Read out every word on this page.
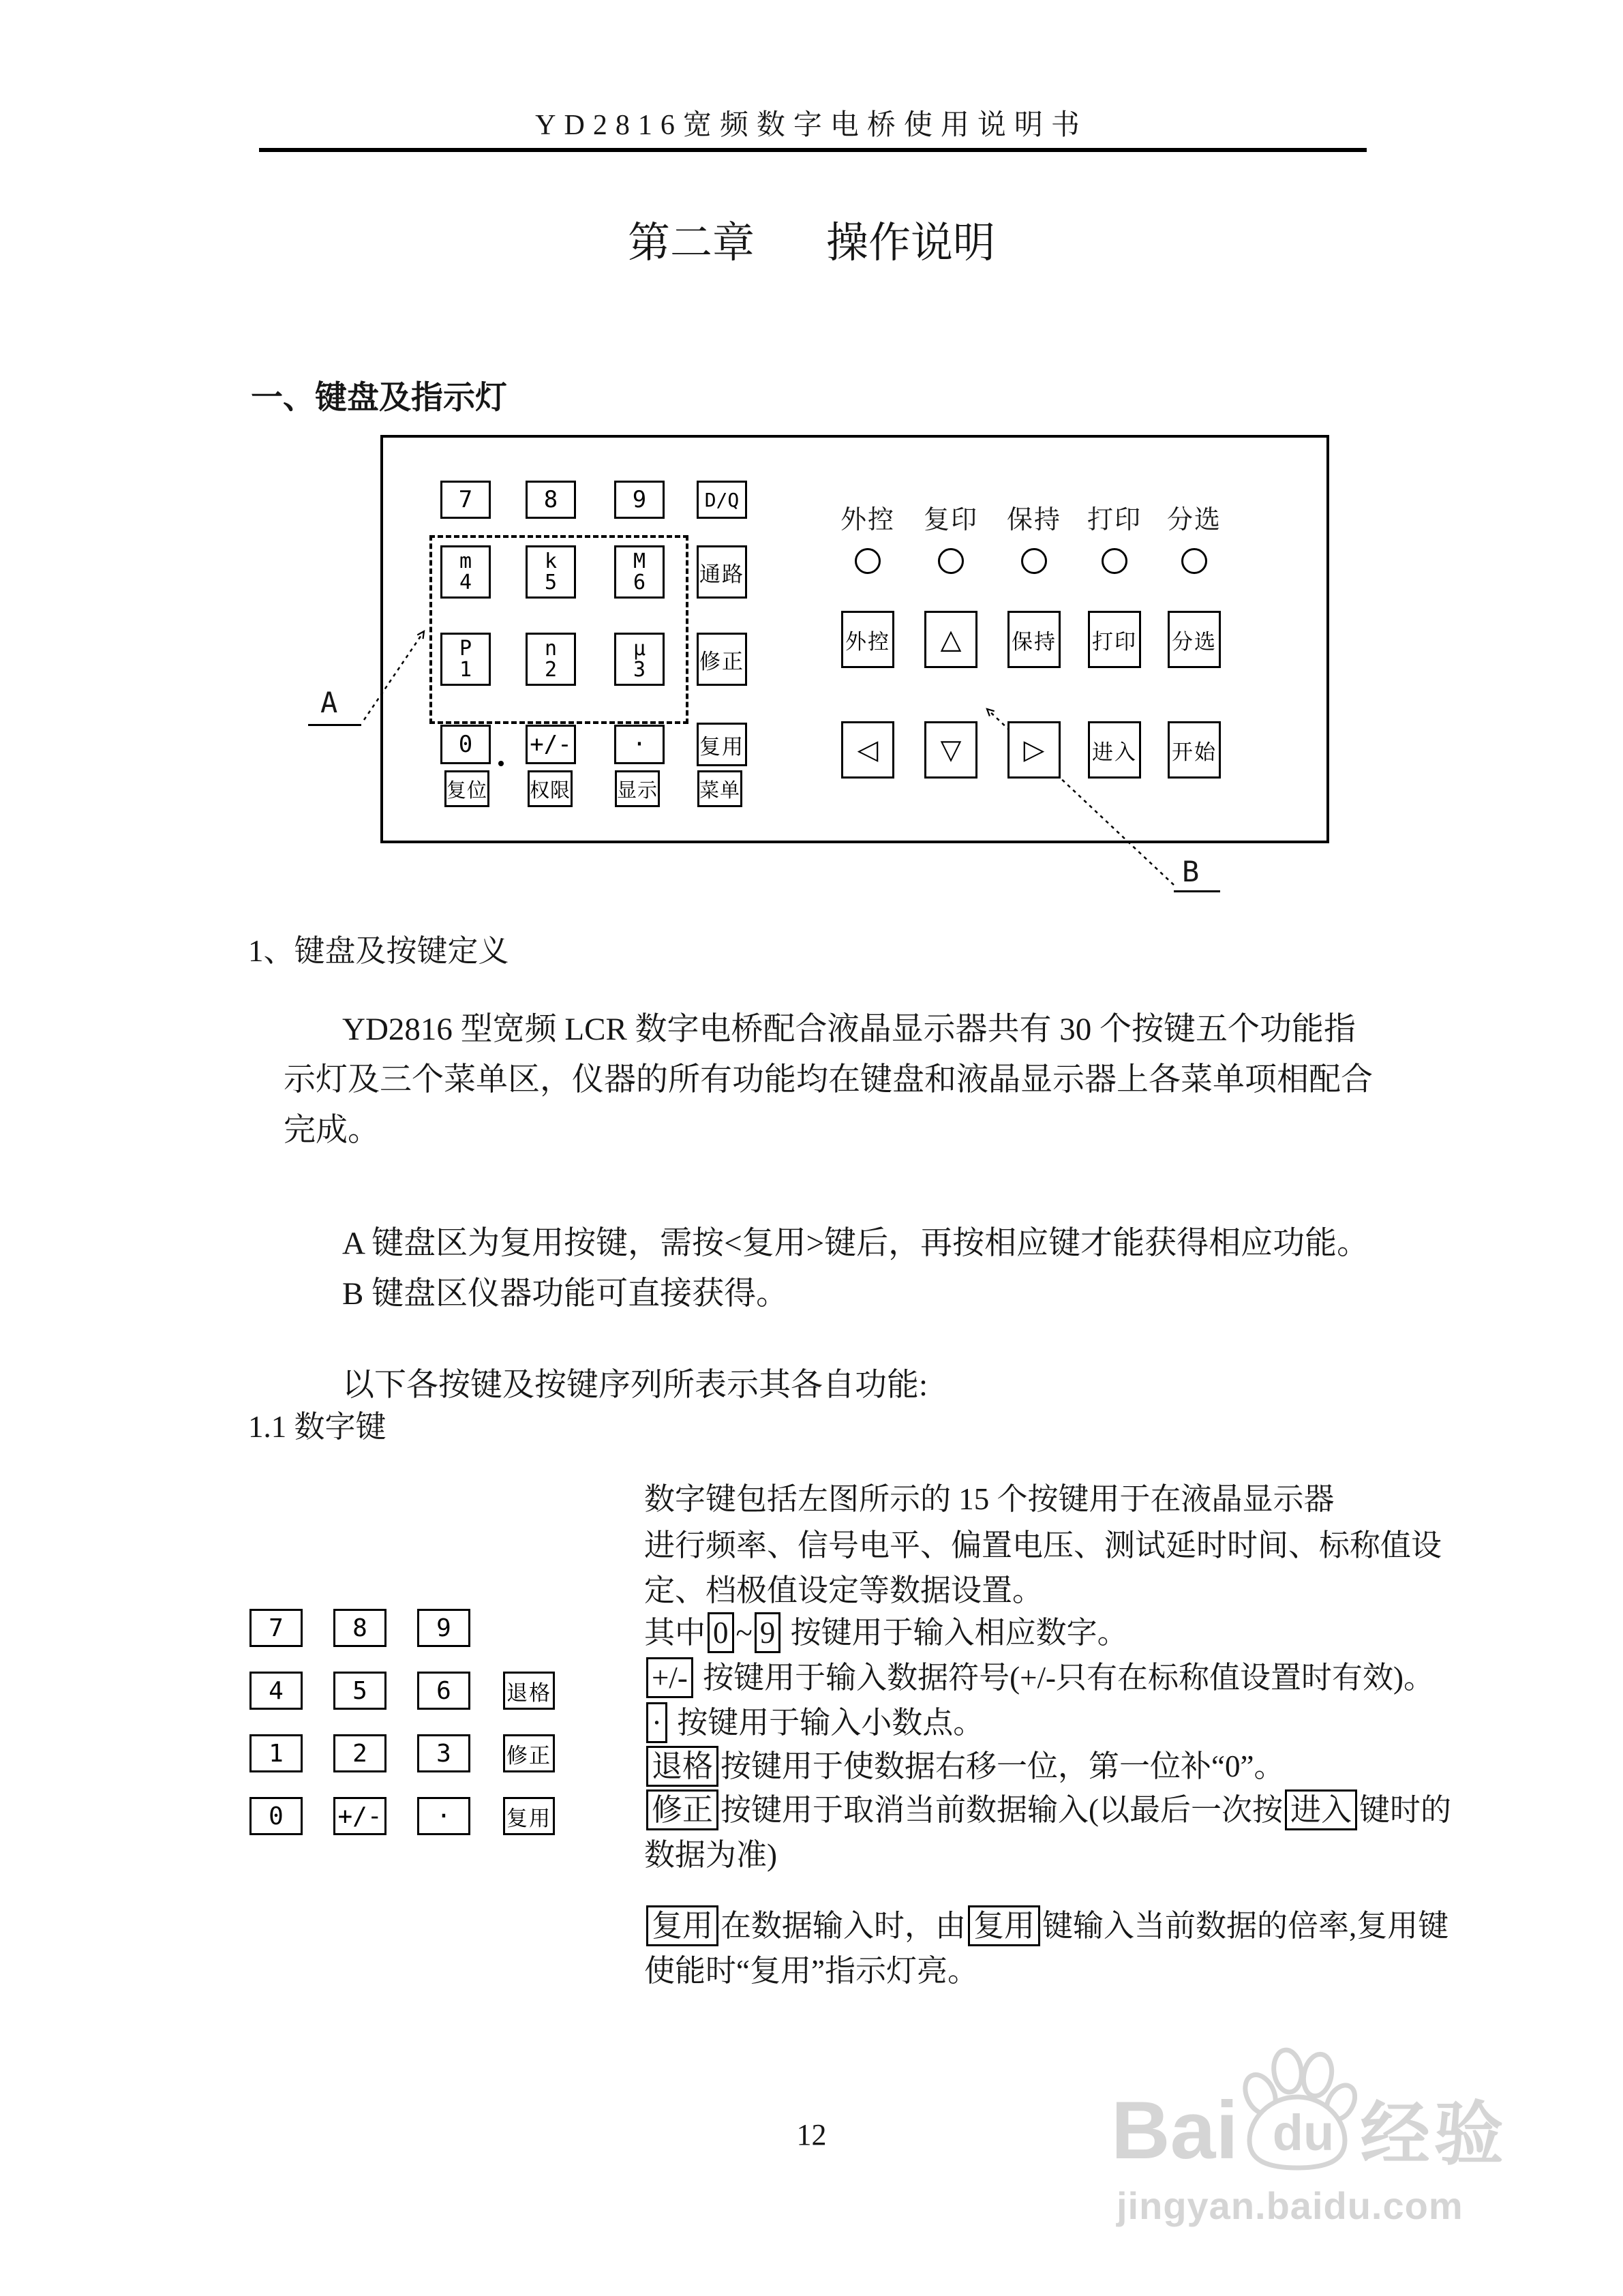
YD2816宽频数字电桥使用说明书
第二章 操作说明
一、键盘及指示灯
7	8	9	D/Q
m
4
k
5
M
6	通路
P
1
n
2
μ
3	修正
0	+/-	·	复用
复位 权限 显示 菜单
外控	复印	保持 打印 分选
外控	△	保持 打印 分选
◁	▽	▷	进入 开始
A
B
1、键盘及按键定义
YD2816 型宽频 LCR 数字电桥配合液晶显示器共有 30 个按键五个功能指
示灯及三个菜单区，仪器的所有功能均在键盘和液晶显示器上各菜单项相配合
完成。
A 键盘区为复用按键，需按<复用>键后，再按相应键才能获得相应功能。
B 键盘区仪器功能可直接获得。
以下各按键及按键序列所表示其各自功能:
1.1 数字键
7	8	9
4	5	6	退格
1	2	3	修正
0	+/-	·	复用
数字键包括左图所示的 15 个按键用于在液晶显示器
进行频率、信号电平、偏置电压、测试延时时间、标称值设
定、档极值设定等数据设置。
其中 0 ~ 9 按键用于输入相应数字。
+/- 按键用于输入数据符号(+/-只有在标称值设置时有效)。
· 按键用于输入小数点。
退格 按键用于使数据右移一位，第一位补“0”。
修正 按键用于取消当前数据输入(以最后一次按 进入 键时的
数据为准)
复用 在数据输入时，由 复用 键输入当前数据的倍率,复用键
使能时“复用”指示灯亮。
12	Bai du 经验
jingyan.baidu.com
